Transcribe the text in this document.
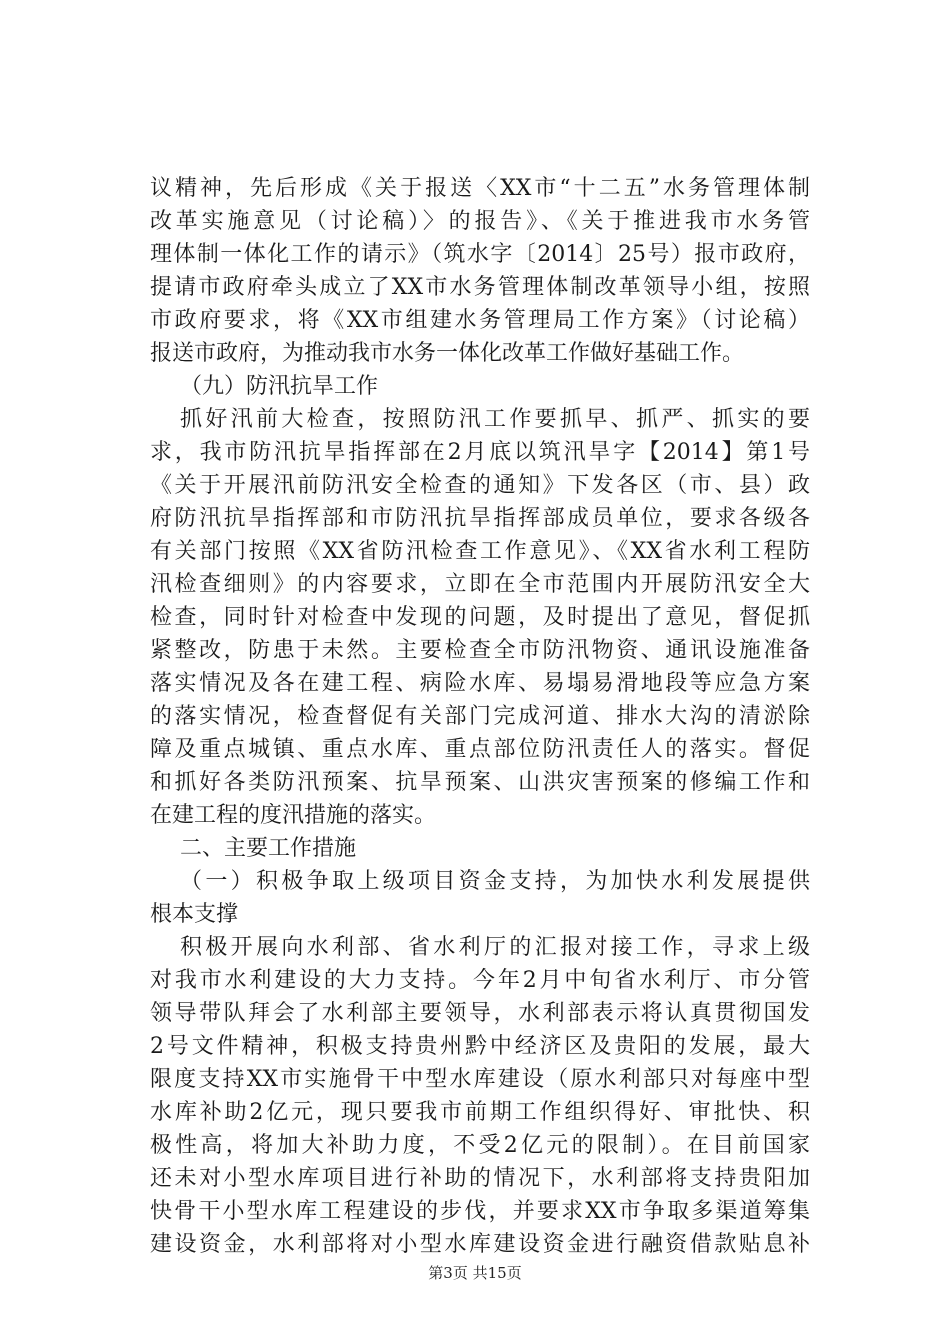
议精神，先后形成《关于报送〈XX市“十二五”水务管理体制
改革实施意见（讨论稿）〉的报告》、《关于推进我市水务管
理体制一体化工作的请示》（筑水字〔2014〕25号）报市政府，
提请市政府牵头成立了XX市水务管理体制改革领导小组，按照
市政府要求，将《XX市组建水务管理局工作方案》（讨论稿）
报送市政府，为推动我市水务一体化改革工作做好基础工作。
（九）防汛抗旱工作
抓好汛前大检查，按照防汛工作要抓早、抓严、抓实的要
求，我市防汛抗旱指挥部在2月底以筑汛旱字【2014】第1号
《关于开展汛前防汛安全检查的通知》下发各区（市、县）政
府防汛抗旱指挥部和市防汛抗旱指挥部成员单位，要求各级各
有关部门按照《XX省防汛检查工作意见》、《XX省水利工程防
汛检查细则》的内容要求，立即在全市范围内开展防汛安全大
检查，同时针对检查中发现的问题，及时提出了意见，督促抓
紧整改，防患于未然。主要检查全市防汛物资、通讯设施准备
落实情况及各在建工程、病险水库、易塌易滑地段等应急方案
的落实情况，检查督促有关部门完成河道、排水大沟的清淤除
障及重点城镇、重点水库、重点部位防汛责任人的落实。督促
和抓好各类防汛预案、抗旱预案、山洪灾害预案的修编工作和
在建工程的度汛措施的落实。
二、主要工作措施
（一）积极争取上级项目资金支持，为加快水利发展提供
根本支撑
积极开展向水利部、省水利厅的汇报对接工作，寻求上级
对我市水利建设的大力支持。今年2月中旬省水利厅、市分管
领导带队拜会了水利部主要领导，水利部表示将认真贯彻国发
2号文件精神，积极支持贵州黔中经济区及贵阳的发展，最大
限度支持XX市实施骨干中型水库建设（原水利部只对每座中型
水库补助2亿元，现只要我市前期工作组织得好、审批快、积
极性高，将加大补助力度，不受2亿元的限制）。在目前国家
还未对小型水库项目进行补助的情况下，水利部将支持贵阳加
快骨干小型水库工程建设的步伐，并要求XX市争取多渠道筹集
建设资金，水利部将对小型水库建设资金进行融资借款贴息补
第3页 共15页
